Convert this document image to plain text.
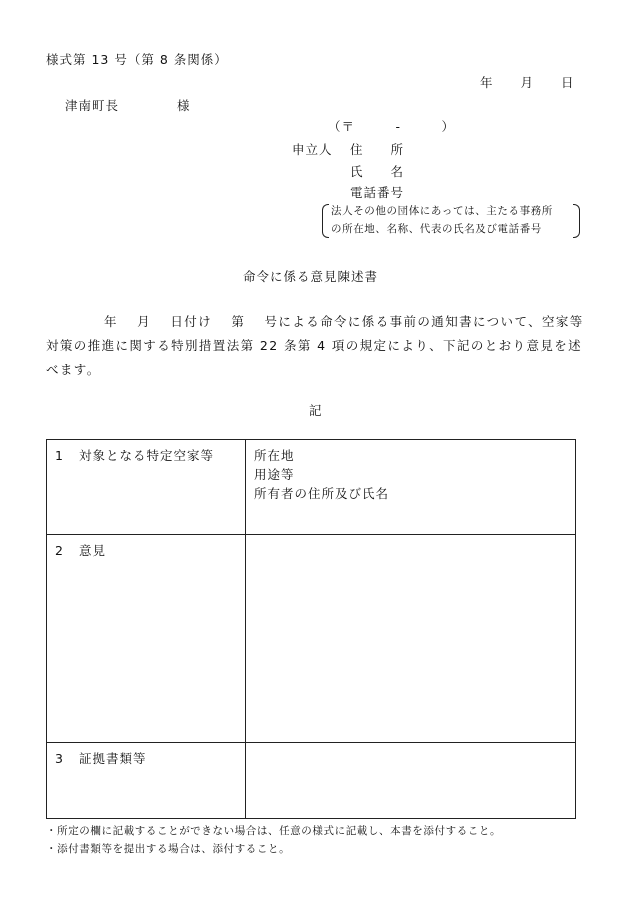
様式第 13 号（第 8 条関係）
年　　月　　日
津南町長	様
（〒　　　-　　　）
申立人 住　　所
氏　　名
電話番号
法人その他の団体にあっては、主たる事務所
の所在地、名称、代表の氏名及び電話番号
命令に係る意見陳述書
年　 月　 日付け　 第　 号による命令に係る事前の通知書について、空家等
対策の推進に関する特別措置法第 22 条第 4 項の規定により、下記のとおり意見を述
べます。
記
1 対象となる特定空家等	所在地
用途等
所有者の住所及び氏名

2 意見	
3 証拠書類等	
・所定の欄に記載することができない場合は、任意の様式に記載し、本書を添付すること。
・添付書類等を提出する場合は、添付すること。
